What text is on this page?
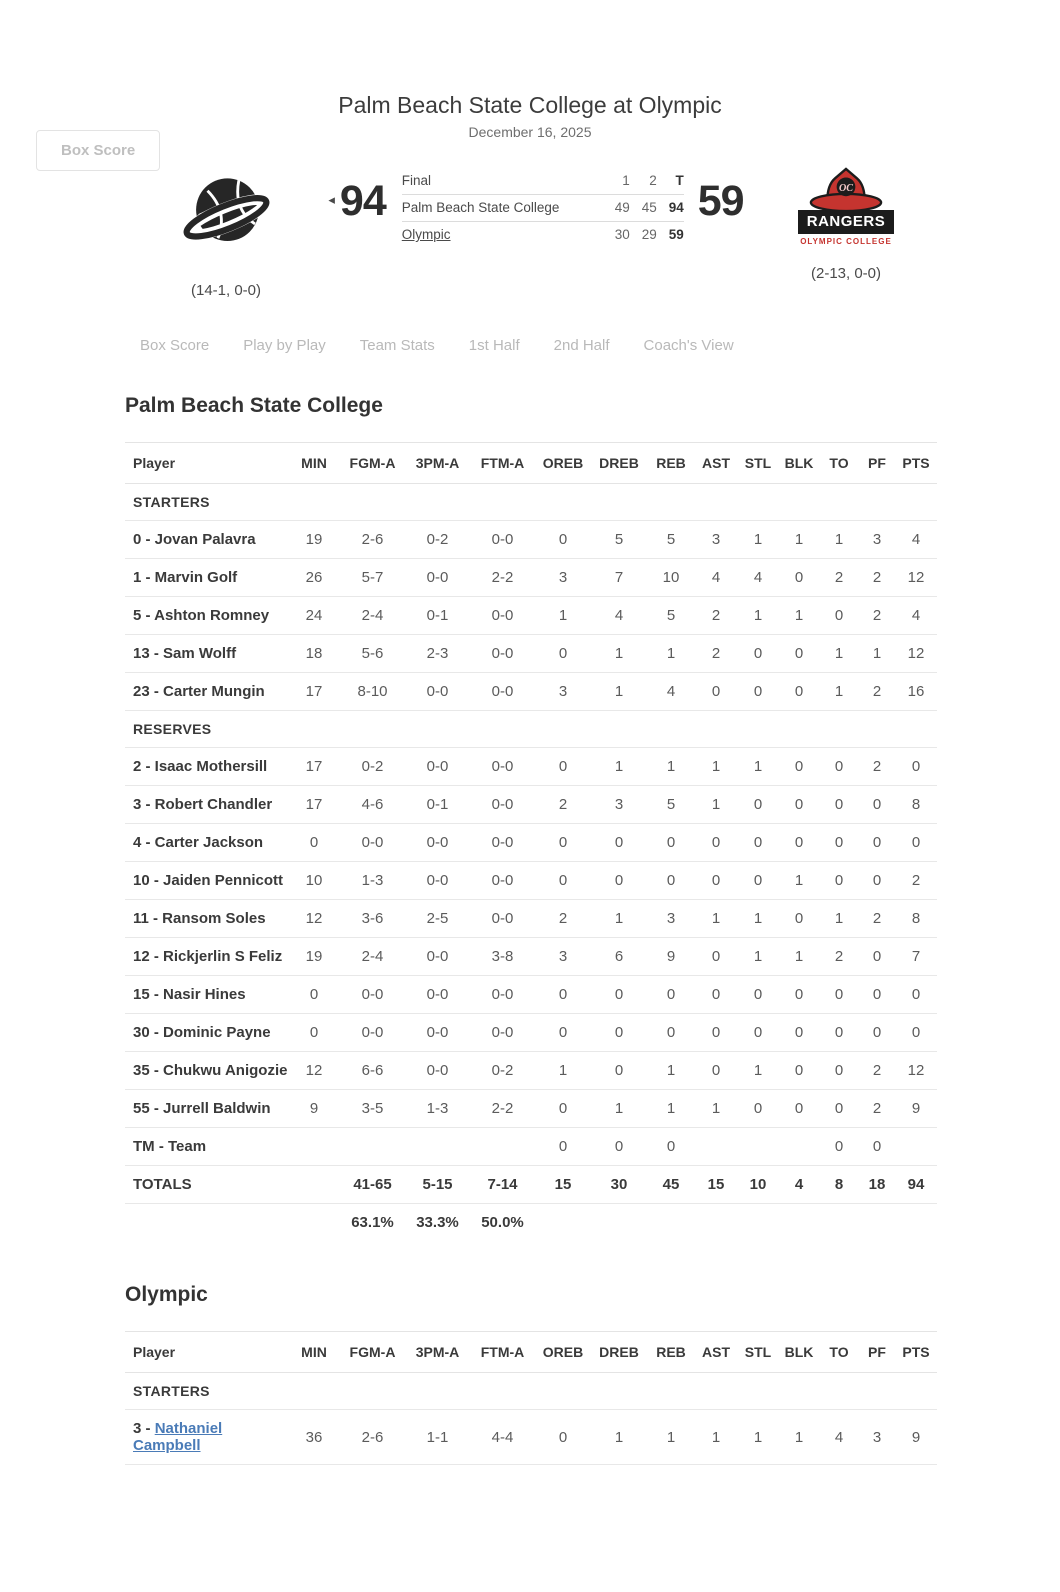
Box Score
Palm Beach State College at Olympic
December 16, 2025
(14-1, 0-0)
◂ 94 Final	1	2	T
Palm Beach State College	49	45	94
Olympic	30	29	59
59	OC
RANGERS
OLYMPIC COLLEGE
(2-13, 0-0)
Box Score Play by Play Team Stats 1st Half 2nd Half Coach's View
Palm Beach State College
Player	MIN	FGM-A	3PM-A	FTM-A	OREB	DREB	REB	AST	STL	BLK	TO	PF	PTS
STARTERS													
0 - Jovan Palavra	19	2-6	0-2	0-0	0	5	5	3	1	1	1	3	4
1 - Marvin Golf	26	5-7	0-0	2-2	3	7	10	4	4	0	2	2	12
5 - Ashton Romney	24	2-4	0-1	0-0	1	4	5	2	1	1	0	2	4
13 - Sam Wolff	18	5-6	2-3	0-0	0	1	1	2	0	0	1	1	12
23 - Carter Mungin	17	8-10	0-0	0-0	3	1	4	0	0	0	1	2	16
RESERVES													
2 - Isaac Mothersill	17	0-2	0-0	0-0	0	1	1	1	1	0	0	2	0
3 - Robert Chandler	17	4-6	0-1	0-0	2	3	5	1	0	0	0	0	8
4 - Carter Jackson	0	0-0	0-0	0-0	0	0	0	0	0	0	0	0	0
10 - Jaiden Pennicott	10	1-3	0-0	0-0	0	0	0	0	0	1	0	0	2
11 - Ransom Soles	12	3-6	2-5	0-0	2	1	3	1	1	0	1	2	8
12 - Rickjerlin S Feliz	19	2-4	0-0	3-8	3	6	9	0	1	1	2	0	7
15 - Nasir Hines	0	0-0	0-0	0-0	0	0	0	0	0	0	0	0	0
30 - Dominic Payne	0	0-0	0-0	0-0	0	0	0	0	0	0	0	0	0
35 - Chukwu Anigozie	12	6-6	0-0	0-2	1	0	1	0	1	0	0	2	12
55 - Jurrell Baldwin	9	3-5	1-3	2-2	0	1	1	1	0	0	0	2	9
TM - Team					0	0	0				0	0	
TOTALS		41-65	5-15	7-14	15	30	45	15	10	4	8	18	94
		63.1%	33.3%	50.0%									
Olympic
Player	MIN	FGM-A	3PM-A	FTM-A	OREB	DREB	REB	AST	STL	BLK	TO	PF	PTS
STARTERS													
3 - Nathaniel Campbell	36	2-6	1-1	4-4	0	1	1	1	1	1	4	3	9
